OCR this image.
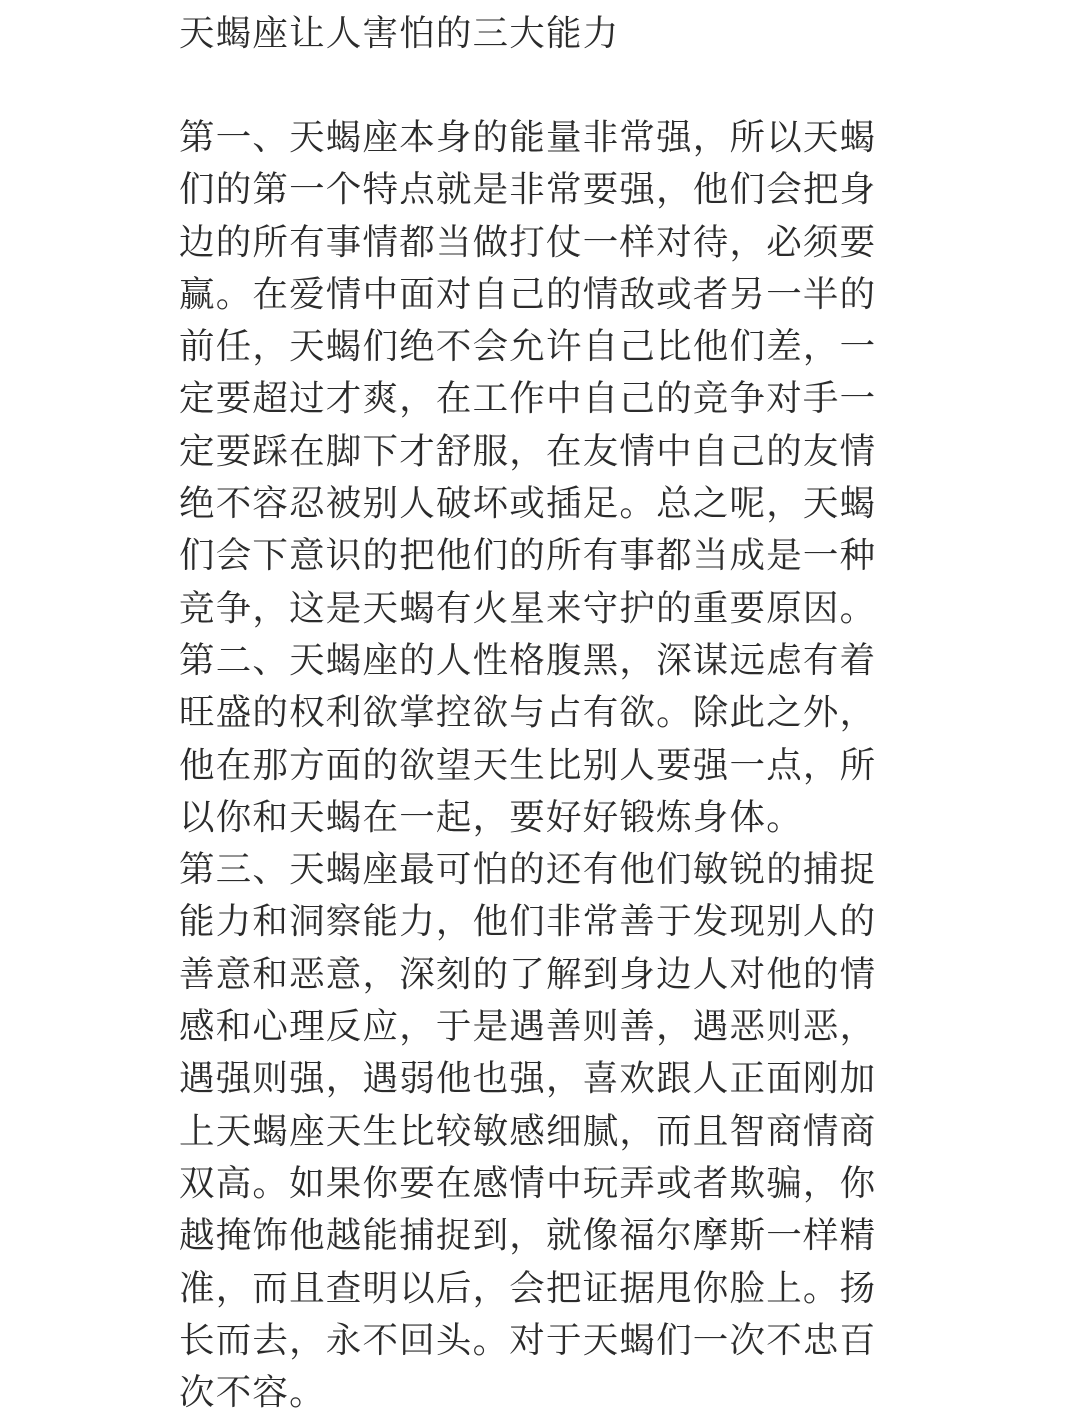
天蝎座让人害怕的三大能力

第一、天蝎座本身的能量非常强，所以天蝎
们的第一个特点就是非常要强，他们会把身
边的所有事情都当做打仗一样对待，必须要
赢。在爱情中面对自己的情敌或者另一半的
前任，天蝎们绝不会允许自己比他们差，一
定要超过才爽，在工作中自己的竞争对手一
定要踩在脚下才舒服，在友情中自己的友情
绝不容忍被别人破坏或插足。总之呢，天蝎
们会下意识的把他们的所有事都当成是一种
竞争，这是天蝎有火星来守护的重要原因。

第二、天蝎座的人性格腹黑，深谋远虑有着
旺盛的权利欲掌控欲与占有欲。除此之外，
他在那方面的欲望天生比别人要强一点，所
以你和天蝎在一起，要好好锻炼身体。

第三、天蝎座最可怕的还有他们敏锐的捕捉
能力和洞察能力，他们非常善于发现别人的
善意和恶意，深刻的了解到身边人对他的情
感和心理反应，于是遇善则善，遇恶则恶，
遇强则强，遇弱他也强，喜欢跟人正面刚加
上天蝎座天生比较敏感细腻，而且智商情商
双高。如果你要在感情中玩弄或者欺骗，你
越掩饰他越能捕捉到，就像福尔摩斯一样精
准，而且查明以后，会把证据甩你脸上。扬
长而去，永不回头。对于天蝎们一次不忠百
次不容。
